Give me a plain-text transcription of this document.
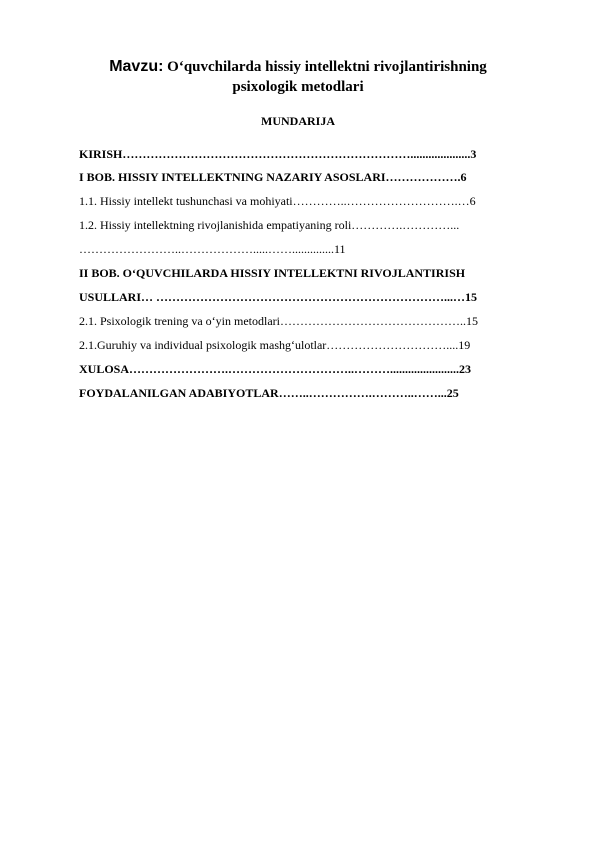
Mavzu: O‘quvchilarda hissiy intellektni rivojlantirishning
psixologik metodlari
MUNDARIJA
KIRISH………………………………………………………………....................3
I BOB. HISSIY INTELLEKTNING NAZARIY ASOSLARI……………….6
1.1. Hissiy intellekt tushunchasi va mohiyati…………..……………………….…6
1.2. Hissiy intellektning rivojlanishida empatiyaning roli………….…………...
……………………..……………….....……..............11
II BOB. O‘QUVCHILARDA HISSIY INTELLEKTNI RIVOJLANTIRISH
USULLARI… ………………………………………………………………...…15
2.1. Psixologik trening va o‘yin metodlari………………………………………..15
2.1.Guruhiy va individual psixologik mashg‘ulotlar…………………………....19
XULOSA…………………….…………………………..……….......................23
FOYDALANILGAN ADABIYOTLAR……..…………….………..……...25
